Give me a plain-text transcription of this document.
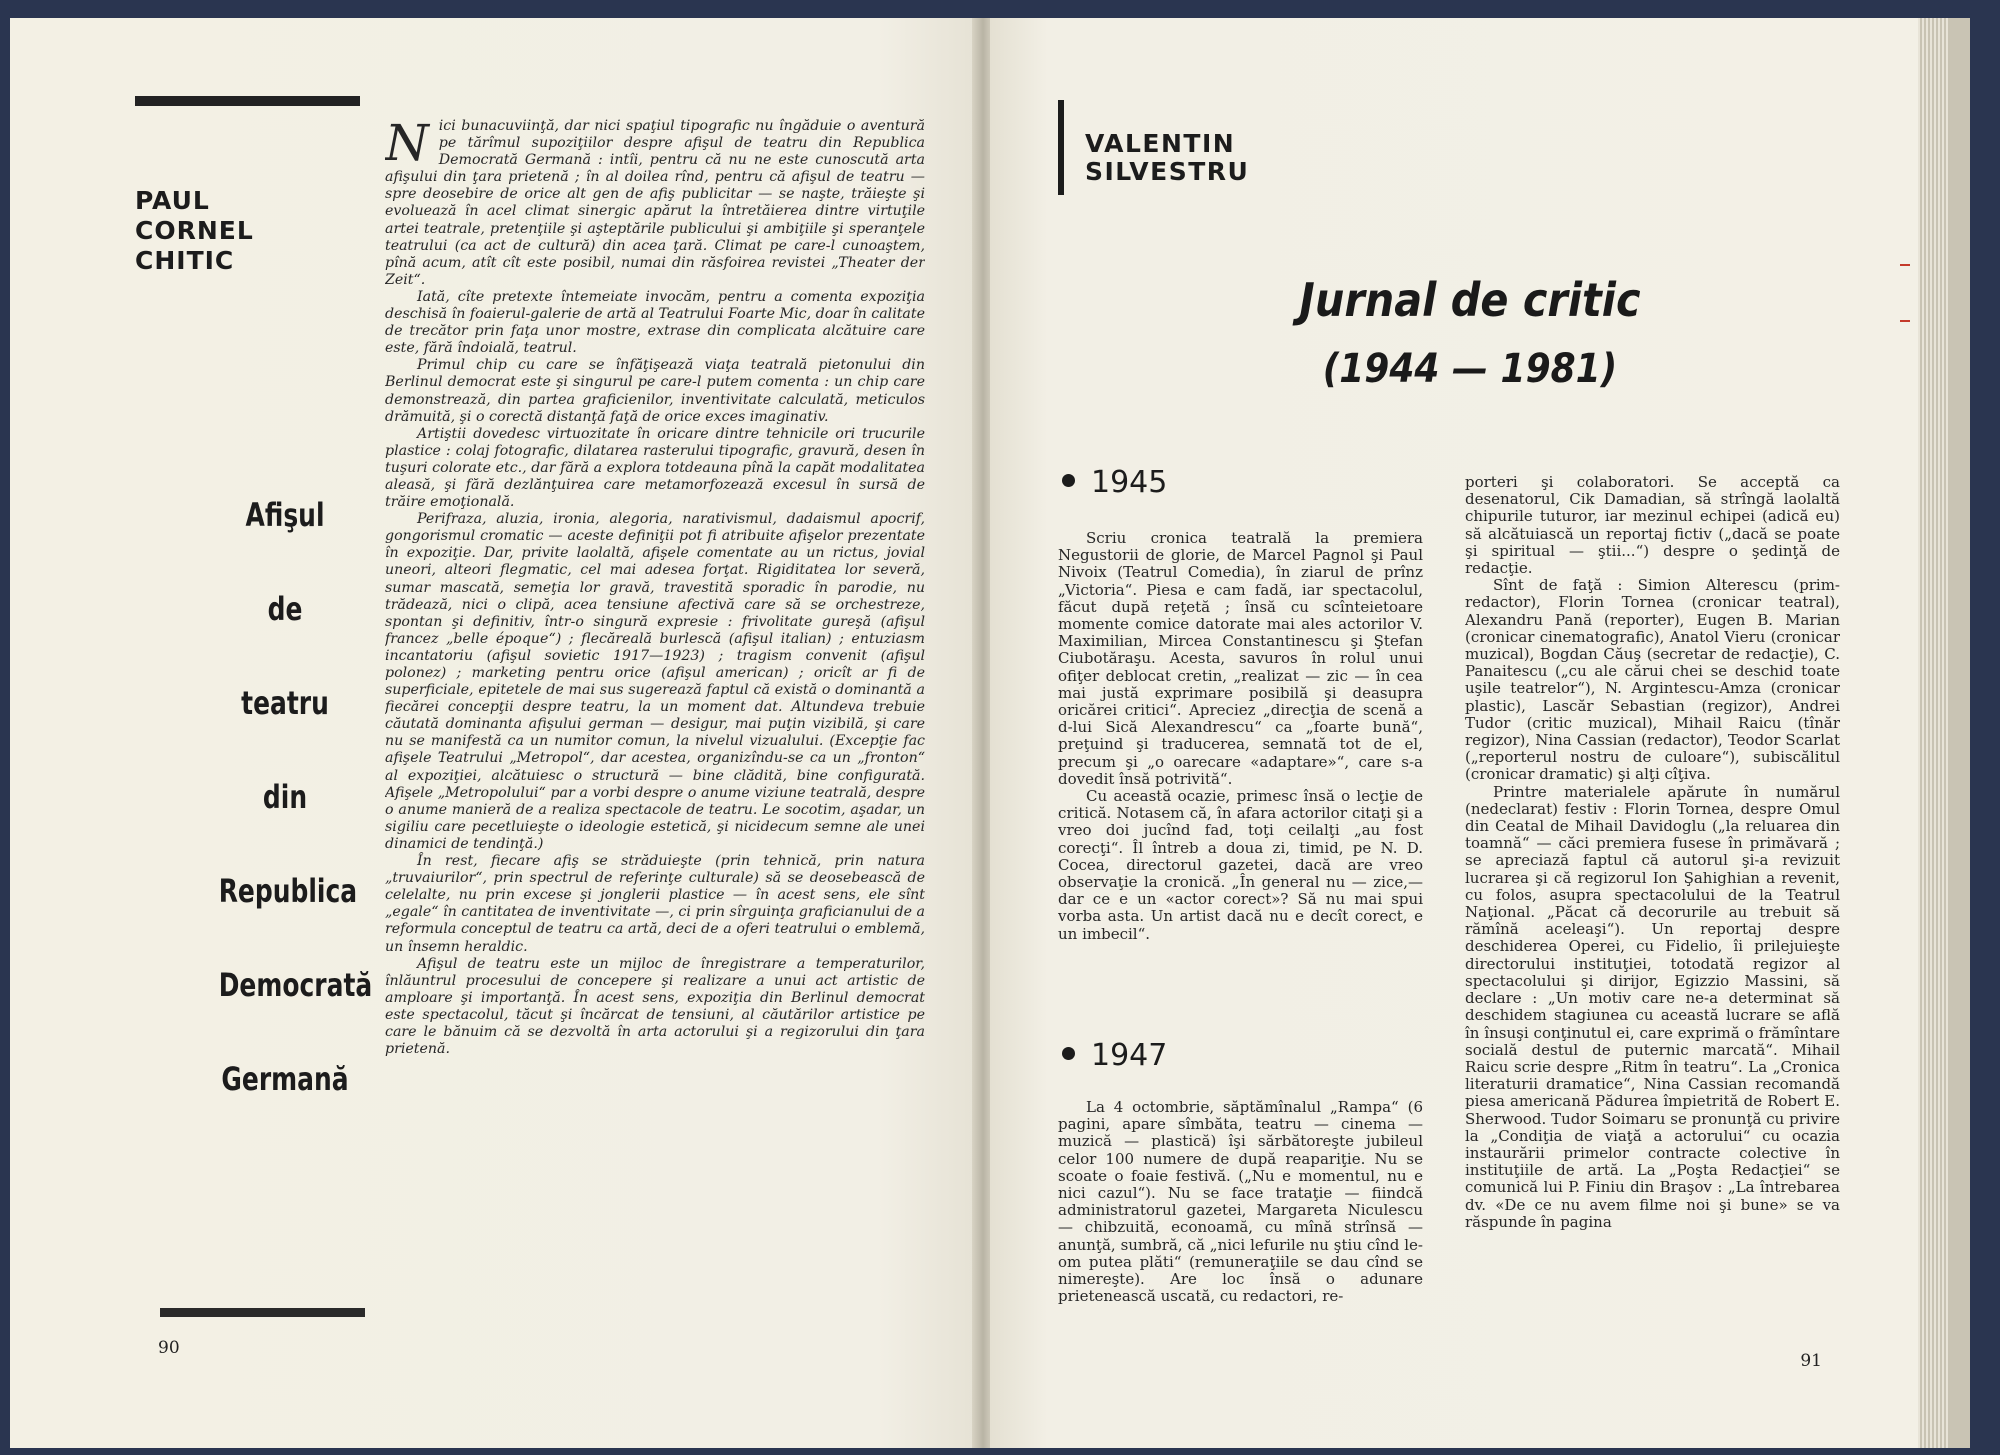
PAUL
CORNEL
CHITIC
Afişul
de
teatru
din
Republica
Democrată
Germană

Nici bunacuviinţă, dar nici spaţiul tipografic nu îngăduie o aventură pe tărîmul supoziţiilor despre afişul de teatru din Republica Democrată Germană : intîi, pentru că nu ne este cunoscută arta afişului din ţara prietenă ; în al doilea rînd, pentru că afişul de teatru — spre deosebire de orice alt gen de afiş publicitar — se naşte, trăieşte şi evoluează în acel climat sinergic apărut la întretăierea dintre virtuţile artei teatrale, pretenţiile şi aşteptările publicului şi ambiţiile şi speranţele teatrului (ca act de cultură) din acea ţară. Climat pe care-l cunoaştem, pînă acum, atît cît este posibil, numai din răsfoirea revistei „Theater der Zeit“.

Iată, cîte pretexte întemeiate invocăm, pentru a comenta expoziţia deschisă în foaierul-galerie de artă al Teatrului Foarte Mic, doar în calitate de trecător prin faţa unor mostre, extrase din complicata alcătuire care este, fără îndoială, teatrul.

Primul chip cu care se înfăţişează viaţa teatrală pietonului din Berlinul democrat este şi singurul pe care-l putem comenta : un chip care demonstrează, din partea graficienilor, inventivitate calculată, meticulos drămuită, şi o corectă distanţă faţă de orice exces imaginativ.

Artiştii dovedesc virtuozitate în oricare dintre tehnicile ori trucurile plastice : colaj fotografic, dilatarea rasterului tipografic, gravură, desen în tuşuri colorate etc., dar fără a explora totdeauna pînă la capăt modalitatea aleasă, şi fără dezlănţuirea care metamorfozează excesul în sursă de trăire emoţională.

Perifraza, aluzia, ironia, alegoria, narativismul, dadaismul apocrif, gongorismul cromatic — aceste definiţii pot fi atribuite afişelor prezentate în expoziţie. Dar, privite laolaltă, afişele comentate au un rictus, jovial uneori, alteori flegmatic, cel mai adesea forţat. Rigiditatea lor severă, sumar mascată, semeţia lor gravă, travestită sporadic în parodie, nu trădează, nici o clipă, acea tensiune afectivă care să se orchestreze, spontan şi definitiv, într-o singură expresie : frivolitate gureşă (afişul francez „belle époque“) ; flecăreală burlescă (afişul italian) ; entuziasm incantatoriu (afişul sovietic 1917—1923) ; tragism convenit (afişul polonez) ; marketing pentru orice (afişul american) ; oricît ar fi de superficiale, epitetele de mai sus sugerează faptul că există o dominantă a fiecărei concepţii despre teatru, la un moment dat. Altundeva trebuie căutată dominanta afişului german — desigur, mai puţin vizibilă, şi care nu se manifestă ca un numitor comun, la nivelul vizualului. (Excepţie fac afişele Teatrului „Metropol“, dar acestea, organizîndu-se ca un „fronton“ al expoziţiei, alcătuiesc o structură — bine clădită, bine configurată. Afişele „Metropolului“ par a vorbi despre o anume viziune teatrală, despre o anume manieră de a realiza spectacole de teatru. Le socotim, aşadar, un sigiliu care pecetluieşte o ideologie estetică, şi nicidecum semne ale unei dinamici de tendinţă.)

În rest, fiecare afiş se străduieşte (prin tehnică, prin natura „truvaiurilor“, prin spectrul de referinţe culturale) să se deosebească de celelalte, nu prin excese şi jonglerii plastice — în acest sens, ele sînt „egale“ în cantitatea de inventivitate —, ci prin sîrguinţa graficianului de a reformula conceptul de teatru ca artă, deci de a oferi teatrului o emblemă, un însemn heraldic.

Afişul de teatru este un mijloc de înregistrare a temperaturilor, înlăuntrul procesului de concepere şi realizare a unui act artistic de amploare şi importanţă. În acest sens, expoziţia din Berlinul democrat este spectacolul, tăcut şi încărcat de tensiuni, al căutărilor artistice pe care le bănuim că se dezvoltă în arta actorului şi a regizorului din ţara prietenă.

90
VALENTIN
SILVESTRU
Jurnal de critic
(1944 — 1981)
1945

Scriu cronica teatrală la premiera Negustorii de glorie, de Marcel Pagnol şi Paul Nivoix (Teatrul Comedia), în ziarul de prînz „Victoria“. Piesa e cam fadă, iar spectacolul, făcut după reţetă ; însă cu scînteietoare momente comice datorate mai ales actorilor V. Maximilian, Mircea Constantinescu şi Ştefan Ciubotăraşu. Acesta, savuros în rolul unui ofiţer deblocat cretin, „realizat — zic — în cea mai justă exprimare posibilă şi deasupra oricărei critici“. Apreciez „direcţia de scenă a d-lui Sică Alexandrescu“ ca „foarte bună“, preţuind şi traducerea, semnată tot de el, precum şi „o oarecare «adaptare»“, care s-a dovedit însă potrivită“.

Cu această ocazie, primesc însă o lecţie de critică. Notasem că, în afara actorilor citaţi şi a vreo doi jucînd fad, toţi ceilalţi „au fost corecţi“. Îl întreb a doua zi, timid, pe N. D. Cocea, directorul gazetei, dacă are vreo observaţie la cronică. „În general nu — zice,— dar ce e un «actor corect»? Să nu mai spui vorba asta. Un artist dacă nu e decît corect, e un imbecil“.

1947

La 4 octombrie, săptămînalul „Rampa“ (6 pagini, apare sîmbăta, teatru — cinema — muzică — plastică) îşi sărbătoreşte jubileul celor 100 numere de după reapariţie. Nu se scoate o foaie festivă. („Nu e momentul, nu e nici cazul“). Nu se face trataţie — fiindcă administratorul gazetei, Margareta Niculescu — chibzuită, econoamă, cu mînă strînsă — anunţă, sumbră, că „nici lefurile nu ştiu cînd le-om putea plăti“ (remuneraţiile se dau cînd se nimereşte). Are loc însă o adunare prietenească uscată, cu redactori, re-

porteri şi colaboratori. Se acceptă ca desenatorul, Cik Damadian, să strîngă laolaltă chipurile tuturor, iar mezinul echipei (adică eu) să alcătuiască un reportaj fictiv („dacă se poate şi spiritual — ştii...“) despre o şedinţă de redacţie.

Sînt de faţă : Simion Alterescu (prim-redactor), Florin Tornea (cronicar teatral), Alexandru Pană (reporter), Eugen B. Marian (cronicar cinematografic), Anatol Vieru (cronicar muzical), Bogdan Căuş (secretar de redacţie), C. Panaitescu („cu ale cărui chei se deschid toate uşile teatrelor“), N. Argintescu-Amza (cronicar plastic), Lascăr Sebastian (regizor), Andrei Tudor (critic muzical), Mihail Raicu (tînăr regizor), Nina Cassian (redactor), Teodor Scarlat („reporterul nostru de culoare“), subiscălitul (cronicar dramatic) şi alţi cîţiva.

Printre materialele apărute în numărul (nedeclarat) festiv : Florin Tornea, despre Omul din Ceatal de Mihail Davidoglu („la reluarea din toamnă“ — căci premiera fusese în primăvară ; se apreciază faptul că autorul şi-a revizuit lucrarea şi că regizorul Ion Şahighian a revenit, cu folos, asupra spectacolului de la Teatrul Naţional. „Păcat că decorurile au trebuit să rămînă aceleaşi“). Un reportaj despre deschiderea Operei, cu Fidelio, îi prilejuieşte directorului instituţiei, totodată regizor al spectacolului şi dirijor, Egizzio Massini, să declare : „Un motiv care ne-a determinat să deschidem stagiunea cu această lucrare se află în însuşi conţinutul ei, care exprimă o frămîntare socială destul de puternic marcată“. Mihail Raicu scrie despre „Ritm în teatru“. La „Cronica literaturii dramatice“, Nina Cassian recomandă piesa americană Pădurea împietrită de Robert E. Sherwood. Tudor Soimaru se pronunţă cu privire la „Condiţia de viaţă a actorului“ cu ocazia instaurării primelor contracte colective în instituţiile de artă. La „Poşta Redacţiei“ se comunică lui P. Finiu din Braşov : „La întrebarea dv. «De ce nu avem filme noi şi bune» se va răspunde în pagina

91
